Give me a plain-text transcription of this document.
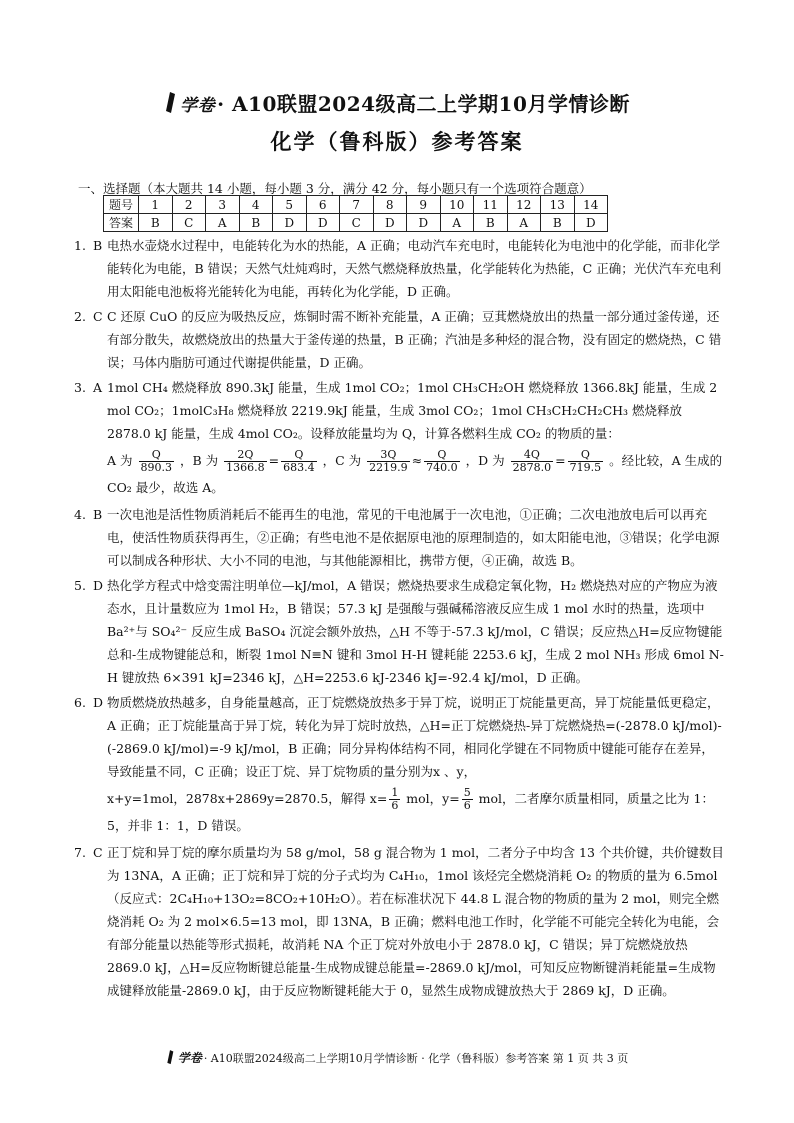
学卷 · A10联盟2024级高二上学期10月学情诊断
化学（鲁科版）参考答案
一、选择题（本大题共 14 小题，每小题 3 分，满分 42 分，每小题只有一个选项符合题意）
题号	1	2	3	4	5	6	7	8	9	10	11	12	13	14
答案	B	C	A	B	D	D	C	D	D	A	B	A	B	D
1. B 电热水壶烧水过程中，电能转化为水的热能，A 正确；电动汽车充电时，电能转化为电池中的化学能，而非化学能转化为电能，B 错误；天然气灶炖鸡时，天然气燃烧释放热量，化学能转化为热能，C 正确；光伏汽车充电利用太阳能电池板将光能转化为电能，再转化为化学能，D 正确。
2. C C 还原 CuO 的反应为吸热反应，炼铜时需不断补充能量，A 正确；豆萁燃烧放出的热量一部分通过釜传递，还有部分散失，故燃烧放出的热量大于釜传递的热量，B 正确；汽油是多种烃的混合物，没有固定的燃烧热，C 错误；马体内脂肪可通过代谢提供能量，D 正确。
3. A 1mol CH₄ 燃烧释放 890.3kJ 能量，生成 1mol CO₂；1mol CH₃CH₂OH 燃烧释放 1366.8kJ 能量，生成 2 mol CO₂；1molC₃H₈ 燃烧释放 2219.9kJ 能量，生成 3mol CO₂；1mol CH₃CH₂CH₂CH₃ 燃烧释放 2878.0 kJ 能量，生成 4mol CO₂。设释放能量均为 Q，计算各燃料生成 CO₂ 的物质的量：
A 为 $\frac{Q}{890.3}$ ，B 为 $\frac{2Q}{1366.8} = \frac{Q}{683.4}$ ，C 为 $\frac{3Q}{2219.9} \approx \frac{Q}{740.0}$ ，D 为 $\frac{4Q}{2878.0} = \frac{Q}{719.5}$ 。经比较，A 生成的 CO₂ 最少，故选 A。
4. B 一次电池是活性物质消耗后不能再生的电池，常见的干电池属于一次电池，①正确；二次电池放电后可以再充电，使活性物质获得再生，②正确；有些电池不是依据原电池的原理制造的，如太阳能电池，③错误；化学电源可以制成各种形状、大小不同的电池，与其他能源相比，携带方便，④正确，故选 B。
5. D 热化学方程式中焓变需注明单位—kJ/mol，A 错误；燃烧热要求生成稳定氧化物，H₂ 燃烧热对应的产物应为液态水，且计量数应为 1mol H₂，B 错误；57.3 kJ 是强酸与强碱稀溶液反应生成 1 mol 水时的热量，选项中 Ba²⁺与 SO₄²⁻ 反应生成 BaSO₄ 沉淀会额外放热，△H 不等于-57.3 kJ/mol，C 错误；反应热△H=反应物键能总和-生成物键能总和，断裂 1mol N≡N 键和 3mol H-H 键耗能 2253.6 kJ，生成 2 mol NH₃ 形成 6mol N-H 键放热 6×391 kJ=2346 kJ，△H=2253.6 kJ-2346 kJ=-92.4 kJ/mol，D 正确。
6. D 物质燃烧放热越多，自身能量越高，正丁烷燃烧放热多于异丁烷，说明正丁烷能量更高，异丁烷能量低更稳定，A 正确；正丁烷能量高于异丁烷，转化为异丁烷时放热，△H=正丁烷燃烧热-异丁烷燃烧热=(-2878.0 kJ/mol)-(-2869.0 kJ/mol)=-9 kJ/mol，B 正确；同分异构体结构不同，相同化学键在不同物质中键能可能存在差异，导致能量不同，C 正确；设正丁烷、异丁烷物质的量分别为x 、y，
x+y=1mol，2878x+2869y=2870.5，解得 $x= \frac{1}{6}$ mol，$y= \frac{5}{6}$ mol，二者摩尔质量相同，质量之比为 1：5，并非 1：1，D 错误。
7. C 正丁烷和异丁烷的摩尔质量均为 58 g/mol，58 g 混合物为 1 mol，二者分子中均含 13 个共价键，共价键数目为 13NA，A 正确；正丁烷和异丁烷的分子式均为 C₄H₁₀，1mol 该烃完全燃烧消耗 O₂ 的物质的量为 6.5mol（反应式：2C₄H₁₀+13O₂=8CO₂+10H₂O）。若在标准状况下 44.8 L 混合物的物质的量为 2 mol，则完全燃烧消耗 O₂ 为 2 mol×6.5=13 mol，即 13NA，B 正确；燃料电池工作时，化学能不可能完全转化为电能，会有部分能量以热能等形式损耗，故消耗 NA 个正丁烷对外放电小于 2878.0 kJ，C 错误；异丁烷燃烧放热 2869.0 kJ，△H=反应物断键总能量-生成物成键总能量=-2869.0 kJ/mol，可知反应物断键消耗能量=生成物成键释放能量-2869.0 kJ，由于反应物断键耗能大于 0，显然生成物成键放热大于 2869 kJ，D 正确。
学卷 · A10联盟2024级高二上学期10月学情诊断 · 化学（鲁科版）参考答案 第 1 页 共 3 页
